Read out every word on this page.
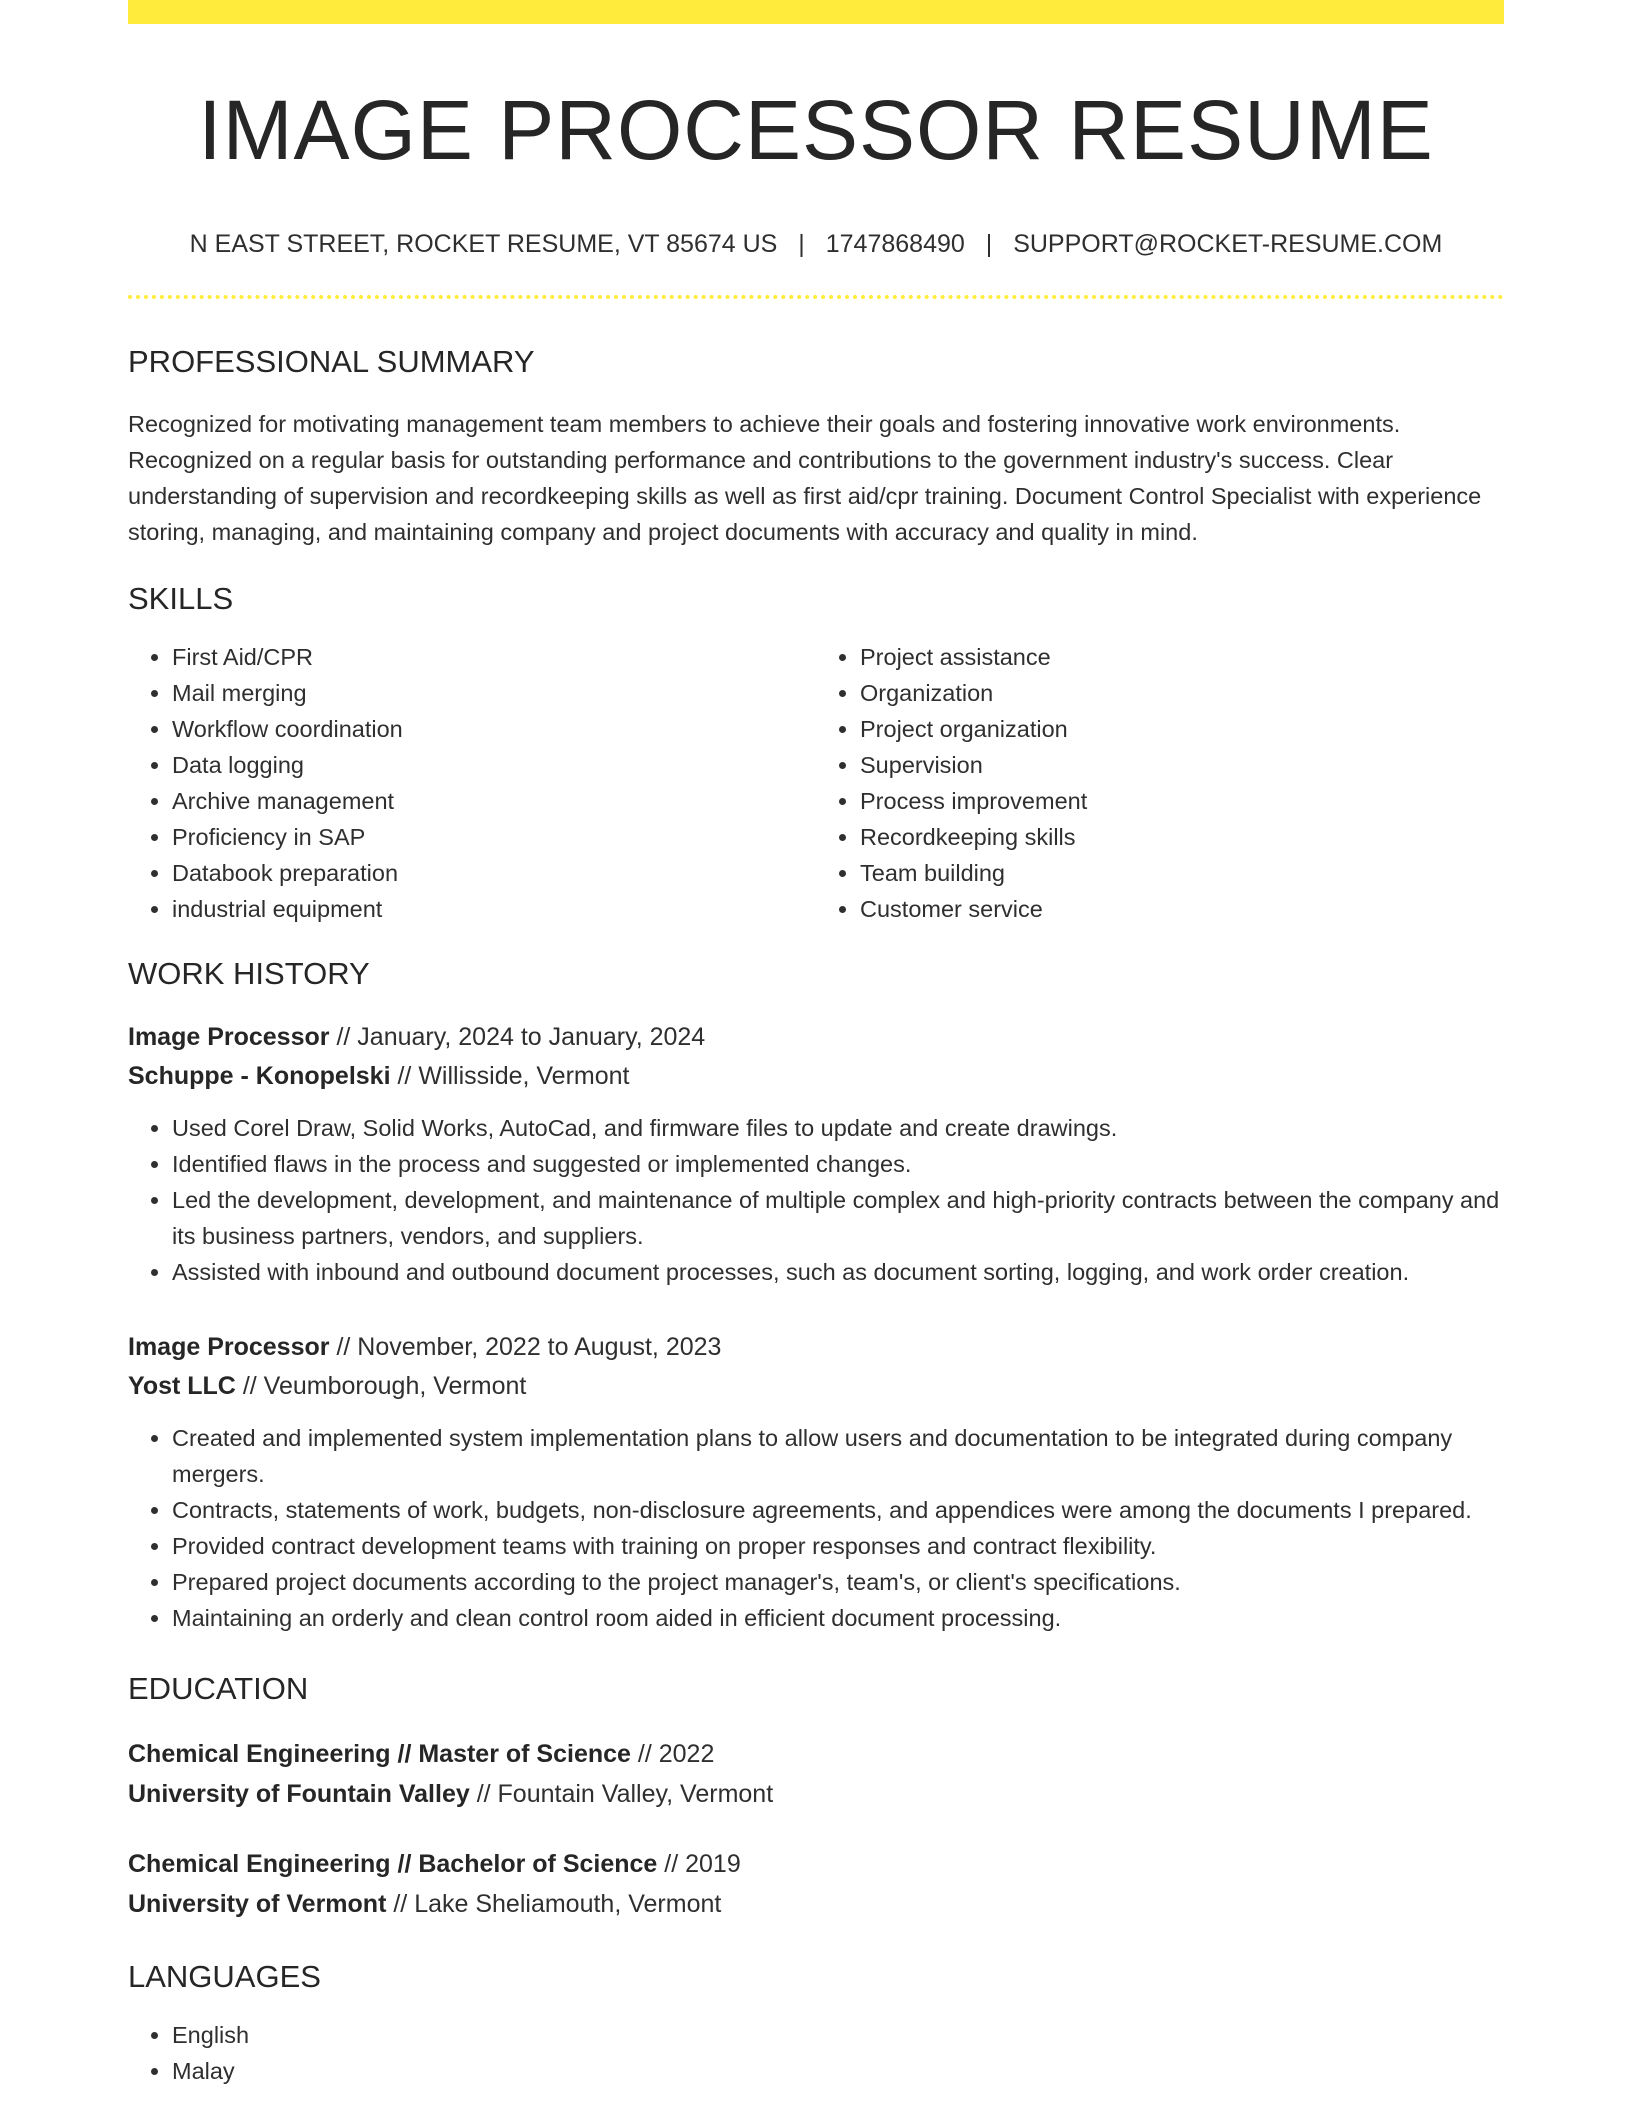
IMAGE PROCESSOR RESUME
N EAST STREET, ROCKET RESUME, VT 85674 US | 1747868490 | SUPPORT@ROCKET-RESUME.COM
PROFESSIONAL SUMMARY

Recognized for motivating management team members to achieve their goals and fostering innovative work environments. Recognized on a regular basis for outstanding performance and contributions to the government industry's success. Clear understanding of supervision and recordkeeping skills as well as first aid/cpr training. Document Control Specialist with experience storing, managing, and maintaining company and project documents with accuracy and quality in mind.

SKILLS
• First Aid/CPR
• Mail merging
• Workflow coordination
• Data logging
• Archive management
• Proficiency in SAP
• Databook preparation
• industrial equipment
• Project assistance
• Organization
• Project organization
• Supervision
• Process improvement
• Recordkeeping skills
• Team building
• Customer service
WORK HISTORY
Image Processor // January, 2024 to January, 2024
Schuppe - Konopelski // Willisside, Vermont
• Used Corel Draw, Solid Works, AutoCad, and firmware files to update and create drawings.
• Identified flaws in the process and suggested or implemented changes.
• Led the development, development, and maintenance of multiple complex and high-priority contracts between the company and its business partners, vendors, and suppliers.
• Assisted with inbound and outbound document processes, such as document sorting, logging, and work order creation.
Image Processor // November, 2022 to August, 2023
Yost LLC // Veumborough, Vermont
• Created and implemented system implementation plans to allow users and documentation to be integrated during company mergers.
• Contracts, statements of work, budgets, non-disclosure agreements, and appendices were among the documents I prepared.
• Provided contract development teams with training on proper responses and contract flexibility.
• Prepared project documents according to the project manager's, team's, or client's specifications.
• Maintaining an orderly and clean control room aided in efficient document processing.
EDUCATION
Chemical Engineering // Master of Science // 2022
University of Fountain Valley // Fountain Valley, Vermont
Chemical Engineering // Bachelor of Science // 2019
University of Vermont // Lake Sheliamouth, Vermont
LANGUAGES
• English
• Malay
